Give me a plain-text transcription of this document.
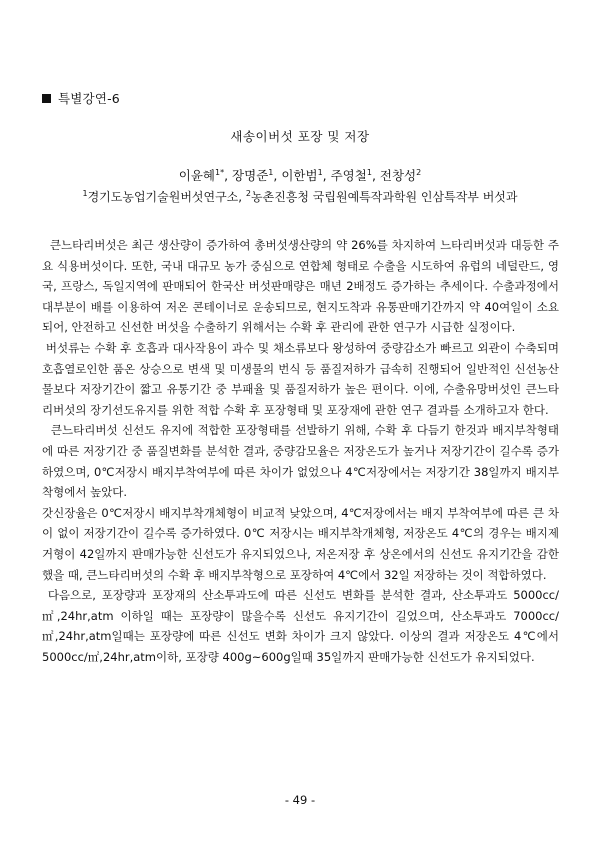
특별강연-6
새송이버섯 포장 및 저장
이윤혜$^{1*}$, 장명준$^1$, 이한범$^1$, 주영철$^1$, 전창성$^2$
$^1$경기도농업기술원버섯연구소, $^2$농촌진흥청 국립원예특작과학원 인삼특작부 버섯과

큰느타리버섯은 최근 생산량이 증가하여 총버섯생산량의 약 26%를 차지하여 느타리버섯과 대등한 주요 식용버섯이다. 또한, 국내 대규모 농가 중심으로 연합체 형태로 수출을 시도하여 유럽의 네덜란드, 영국, 프랑스, 독일지역에 판매되어 한국산 버섯판매량은 매년 2배정도 증가하는 추세이다. 수출과정에서 대부분이 배를 이용하여 저온 콘테이너로 운송되므로, 현지도착과 유통판매기간까지 약 40여일이 소요되어, 안전하고 신선한 버섯을 수출하기 위해서는 수확 후 관리에 관한 연구가 시급한 실정이다.

버섯류는 수확 후 호흡과 대사작용이 과수 및 채소류보다 왕성하여 중량감소가 빠르고 외관이 수축되며 호흡열로인한 품온 상승으로 변색 및 미생물의 번식 등 품질저하가 급속히 진행되어 일반적인 신선농산물보다 저장기간이 짧고 유통기간 중 부패율 및 품질저하가 높은 편이다. 이에, 수출유망버섯인 큰느타리버섯의 장기선도유지를 위한 적합 수확 후 포장형태 및 포장재에 관한 연구 결과를 소개하고자 한다.

큰느타리버섯 신선도 유지에 적합한 포장형태를 선발하기 위해, 수확 후 다듬기 한것과 배지부착형태에 따른 저장기간 중 품질변화를 분석한 결과, 중량감모율은 저장온도가 높거나 저장기간이 길수록 증가하였으며, 0℃저장시 배지부착여부에 따른 차이가 없었으나 4℃저장에서는 저장기간 38일까지 배지부착형에서 높았다.

갓신장율은 0℃저장시 배지부착개체형이 비교적 낮았으며, 4℃저장에서는 배지 부착여부에 따른 큰 차이 없이 저장기간이 길수록 증가하였다. 0℃ 저장시는 배지부착개체형, 저장온도 4℃의 경우는 배지제거형이 42일까지 판매가능한 신선도가 유지되었으나, 저온저장 후 상온에서의 신선도 유지기간을 감한했을 때, 큰느타리버섯의 수확 후 배지부착형으로 포장하여 4℃에서 32일 저장하는 것이 적합하였다.

다음으로, 포장량과 포장재의 산소투과도에 따른 신선도 변화를 분석한 결과, 산소투과도 5000cc/㎡,24hr,atm 이하일 때는 포장량이 많을수록 신선도 유지기간이 길었으며, 산소투과도 7000cc/㎡,24hr,atm일때는 포장량에 따른 신선도 변화 차이가 크지 않았다. 이상의 결과 저장온도 4℃에서 5000cc/㎡,24hr,atm이하, 포장량 400g~600g일때 35일까지 판매가능한 신선도가 유지되었다.

- 49 -
